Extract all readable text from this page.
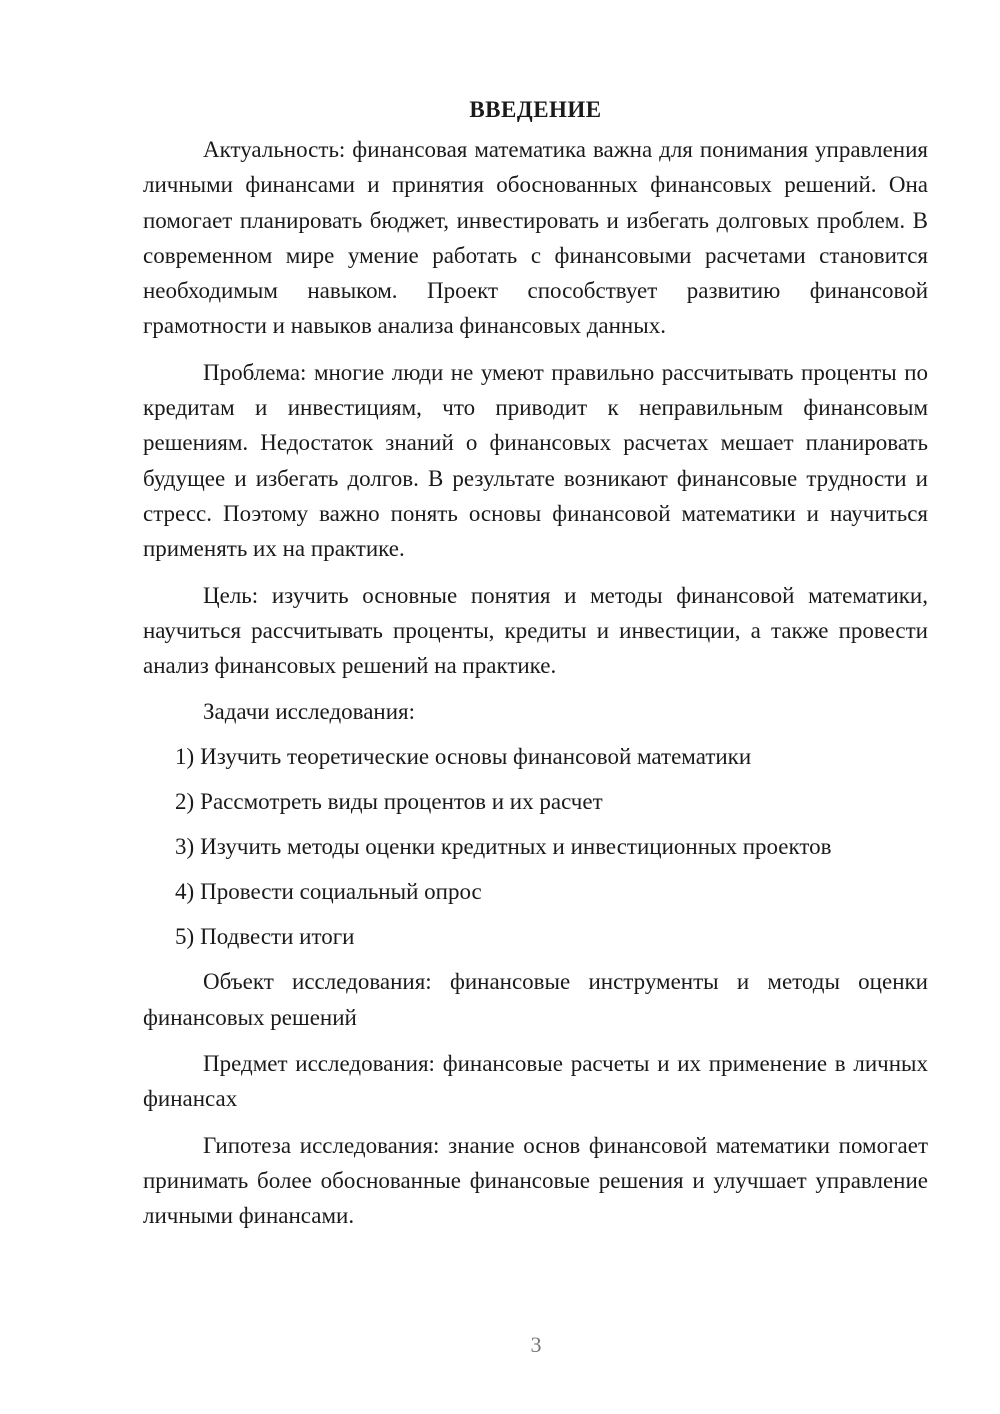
ВВЕДЕНИЕ

Актуальность: финансовая математика важна для понимания управления личными финансами и принятия обоснованных финансовых решений. Она помогает планировать бюджет, инвестировать и избегать долговых проблем. В современном мире умение работать с финансовыми расчетами становится необходимым навыком. Проект способствует развитию финансовой грамотности и навыков анализа финансовых данных.

Проблема: многие люди не умеют правильно рассчитывать проценты по кредитам и инвестициям, что приводит к неправильным финансовым решениям. Недостаток знаний о финансовых расчетах мешает планировать будущее и избегать долгов. В результате возникают финансовые трудности и стресс. Поэтому важно понять основы финансовой математики и научиться применять их на практике.

Цель: изучить основные понятия и методы финансовой математики, научиться рассчитывать проценты, кредиты и инвестиции, а также провести анализ финансовых решений на практике.

Задачи исследования:

1) Изучить теоретические основы финансовой математики
2) Рассмотреть виды процентов и их расчет
3) Изучить методы оценки кредитных и инвестиционных проектов
4) Провести социальный опрос
5) Подвести итоги

Объект исследования: финансовые инструменты и методы оценки финансовых решений

Предмет исследования: финансовые расчеты и их применение в личных финансах

Гипотеза исследования: знание основ финансовой математики помогает принимать более обоснованные финансовые решения и улучшает управление личными финансами.

3
